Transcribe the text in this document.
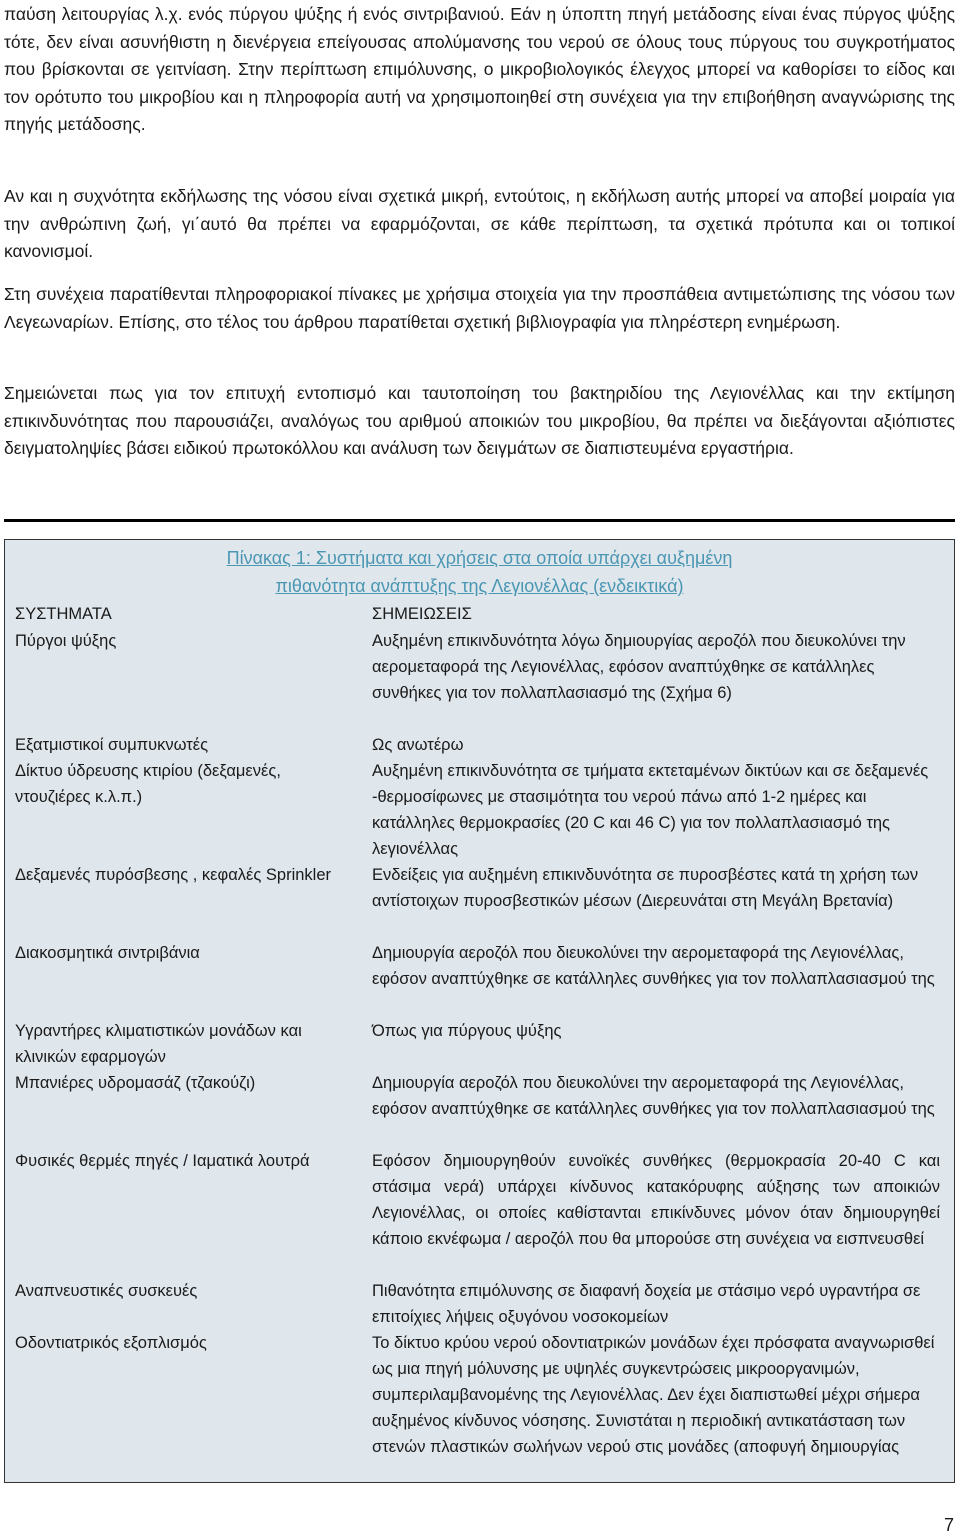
παύση λειτουργίας λ.χ. ενός πύργου ψύξης ή ενός σιντριβανιού. Εάν η ύποπτη πηγή μετάδοσης είναι ένας πύργος ψύξης τότε, δεν είναι ασυνήθιστη η διενέργεια επείγουσας απολύμανσης του νερού σε όλους τους πύργους του συγκροτήματος που βρίσκονται σε γειτνίαση. Στην περίπτωση επιμόλυνσης, ο μικροβιολογικός έλεγχος μπορεί να καθορίσει το είδος και τον ορότυπο του μικροβίου και η πληροφορία αυτή να χρησιμοποιηθεί στη συνέχεια για την επιβοήθηση αναγνώρισης της πηγής μετάδοσης.

Αν και η συχνότητα εκδήλωσης της νόσου είναι σχετικά μικρή, εντούτοις, η εκδήλωση αυτής μπορεί να αποβεί μοιραία για την ανθρώπινη ζωή, γι΄αυτό θα πρέπει να εφαρμόζονται, σε κάθε περίπτωση, τα σχετικά πρότυπα και οι τοπικοί κανονισμοί.

Στη συνέχεια παρατίθενται πληροφοριακοί πίνακες με χρήσιμα στοιχεία για την προσπάθεια αντιμετώπισης της νόσου των Λεγεωναρίων. Επίσης, στο τέλος του άρθρου παρατίθεται σχετική βιβλιογραφία για πληρέστερη ενημέρωση.

Σημειώνεται πως για τον επιτυχή εντοπισμό και ταυτοποίηση του βακτηριδίου της Λεγιονέλλας και την εκτίμηση επικινδυνότητας που παρουσιάζει, αναλόγως του αριθμού αποικιών του μικροβίου, θα πρέπει να διεξάγονται αξιόπιστες δειγματοληψίες βάσει ειδικού πρωτοκόλλου και ανάλυση των δειγμάτων σε διαπιστευμένα εργαστήρια.

Πίνακας 1: Συστήματα και χρήσεις στα οποία υπάρχει αυξημένη
πιθανότητα ανάπτυξης της Λεγιονέλλας (ενδεικτικά)

ΣΥΣΤΗΜΑΤΑ

Πύργοι ψύξης

Εξατμιστικοί συμπυκνωτές

Δίκτυο ύδρευσης κτιρίου (δεξαμενές, ντουζιέρες κ.λ.π.)

Δεξαμενές πυρόσβεσης , κεφαλές Sprinkler

Διακοσμητικά σιντριβάνια

Υγραντήρες κλιματιστικών μονάδων και κλινικών εφαρμογών

Μπανιέρες υδρομασάζ (τζακούζι)

Φυσικές θερμές πηγές / Ιαματικά λουτρά

Αναπνευστικές συσκευές

Οδοντιατρικός εξοπλισμός

ΣΗΜΕΙΩΣΕΙΣ

Αυξημένη επικινδυνότητα λόγω δημιουργίας αεροζόλ που διευκολύνει την αερομεταφορά της Λεγιονέλλας, εφόσον αναπτύχθηκε σε κατάλληλες συνθήκες για τον πολλαπλασιασμό της (Σχήμα 6)

Ως ανωτέρω

Αυξημένη επικινδυνότητα σε τμήματα εκτεταμένων δικτύων και σε δεξαμενές -θερμοσίφωνες με στασιμότητα του νερού πάνω από 1-2 ημέρες και κατάλληλες θερμοκρασίες (20 C και 46 C) για τον πολλαπλασιασμό της λεγιονέλλας

Ενδείξεις για αυξημένη επικινδυνότητα σε πυροσβέστες κατά τη χρήση των αντίστοιχων πυροσβεστικών μέσων (Διερευνάται στη Μεγάλη Βρετανία)

Δημιουργία αεροζόλ που διευκολύνει την αερομεταφορά της Λεγιονέλλας, εφόσον αναπτύχθηκε σε κατάλληλες συνθήκες για τον πολλαπλασιασμού της

Όπως για πύργους ψύξης

Δημιουργία αεροζόλ που διευκολύνει την αερομεταφορά της Λεγιονέλλας, εφόσον αναπτύχθηκε σε κατάλληλες συνθήκες για τον πολλαπλασιασμού της

Εφόσον δημιουργηθούν ευνοϊκές συνθήκες (θερμοκρασία 20-40 C και στάσιμα νερά) υπάρχει κίνδυνος κατακόρυφης αύξησης των αποικιών Λεγιονέλλας, οι οποίες καθίστανται επικίνδυνες μόνον όταν δημιουργηθεί κάποιο εκνέφωμα / αεροζόλ που θα μπορούσε στη συνέχεια να εισπνευσθεί

Πιθανότητα επιμόλυνσης σε διαφανή δοχεία με στάσιμο νερό υγραντήρα σε επιτοίχιες λήψεις οξυγόνου νοσοκομείων

Το δίκτυο κρύου νερού οδοντιατρικών μονάδων έχει πρόσφατα αναγνωρισθεί ως μια πηγή μόλυνσης με υψηλές συγκεντρώσεις μικροοργανιμών, συμπεριλαμβανομένης της Λεγιονέλλας. Δεν έχει διαπιστωθεί μέχρι σήμερα αυξημένος κίνδυνος νόσησης. Συνιστάται η περιοδική αντικατάσταση των στενών πλαστικών σωλήνων νερού στις μονάδες (αποφυγή δημιουργίας

7
